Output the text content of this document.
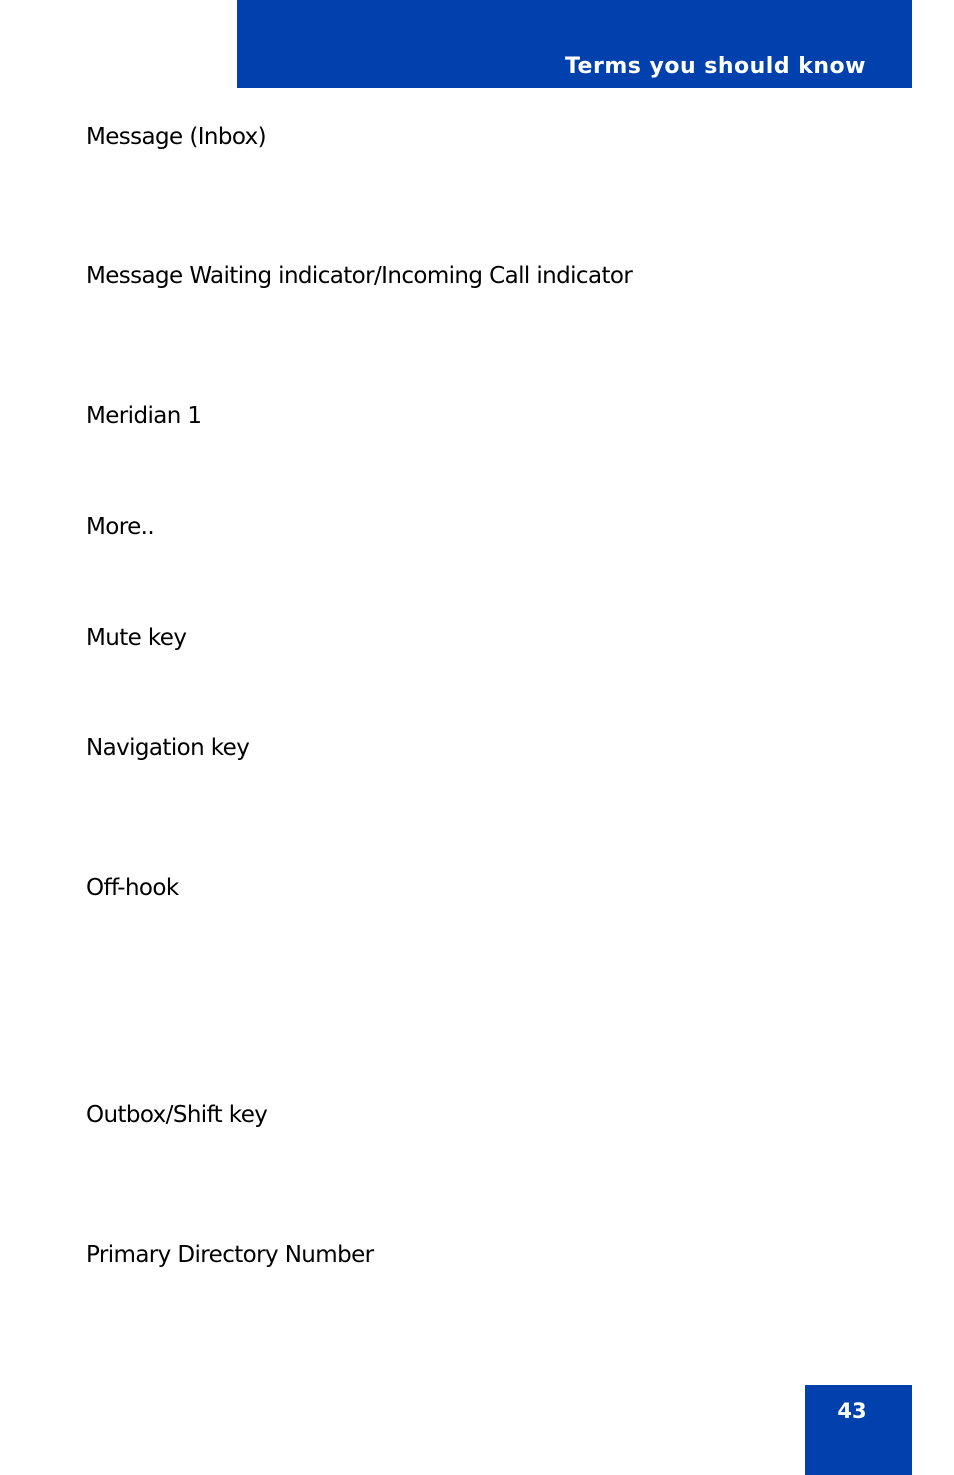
Terms you should know
Message (Inbox)
Message Waiting indicator/Incoming Call indicator
Meridian 1
More..
Mute key
Navigation key
Off-hook
Outbox/Shift key
Primary Directory Number
43
